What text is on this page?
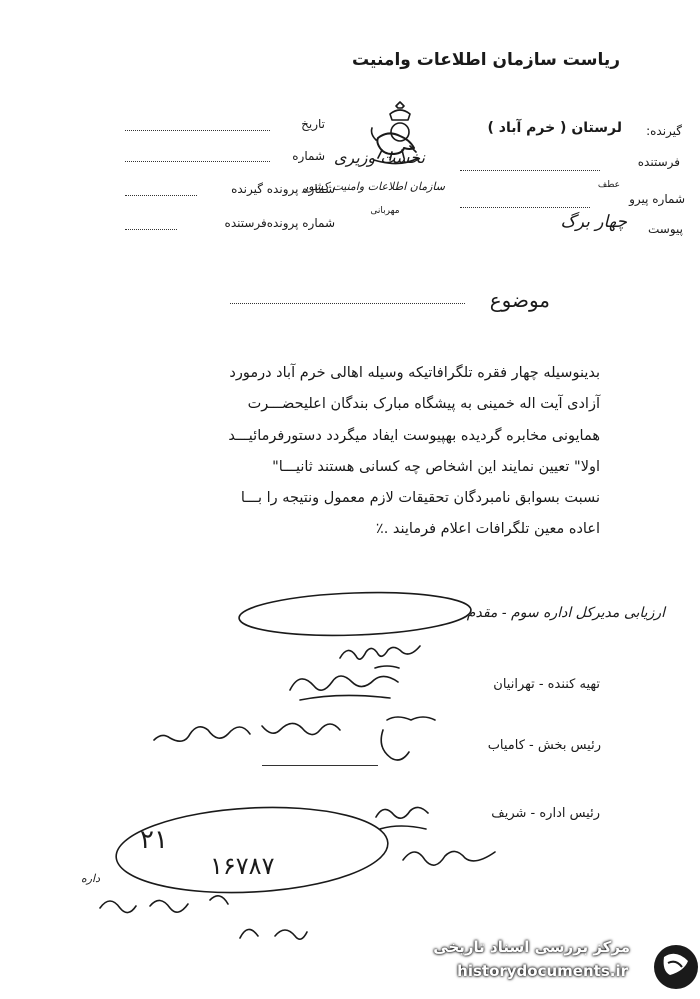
ریاست سازمان اطلاعات وامنیت
نخست وزیری
سازمان اطلاعات وامنیت کشور
مهربانی
گیرنده:
لرستان ( خرم آباد )
فرستنده
شماره پیرو
عطف
پیوست
چهار برگ
تاریخ
شماره
شماره پرونده گیرنده
شماره پرونده‌فرستنده
موضوع
بدینوسیله چهار فقره تلگرافاتیکه وسیله اهالی خرم آباد درمورد
آزادی آیت اله خمینی به پیشگاه مبارک بندگان اعلیحضـــرت
همایونی مخابره گردیده بهپیوست ایفاد میگردد دستورفرمائیـــد
اولا" تعیین نمایند این اشخاص چه کسانی هستند ثانیـــا"
نسبت بسوابق نامبردگان تحقیقات لازم معمول ونتیجه را بـــا
اعاده معین تلگرافات اعلام فرمایند .٪
ارزیابی مدیرکل اداره سوم - مقدم
تهیه کننده - تهرانیان
رئیس بخش - کامیاب
رئیس اداره - شریف
۲۱
۱۶۷۸۷
داره
مرکز بررسی اسناد تاریخی
historydocuments.ir
